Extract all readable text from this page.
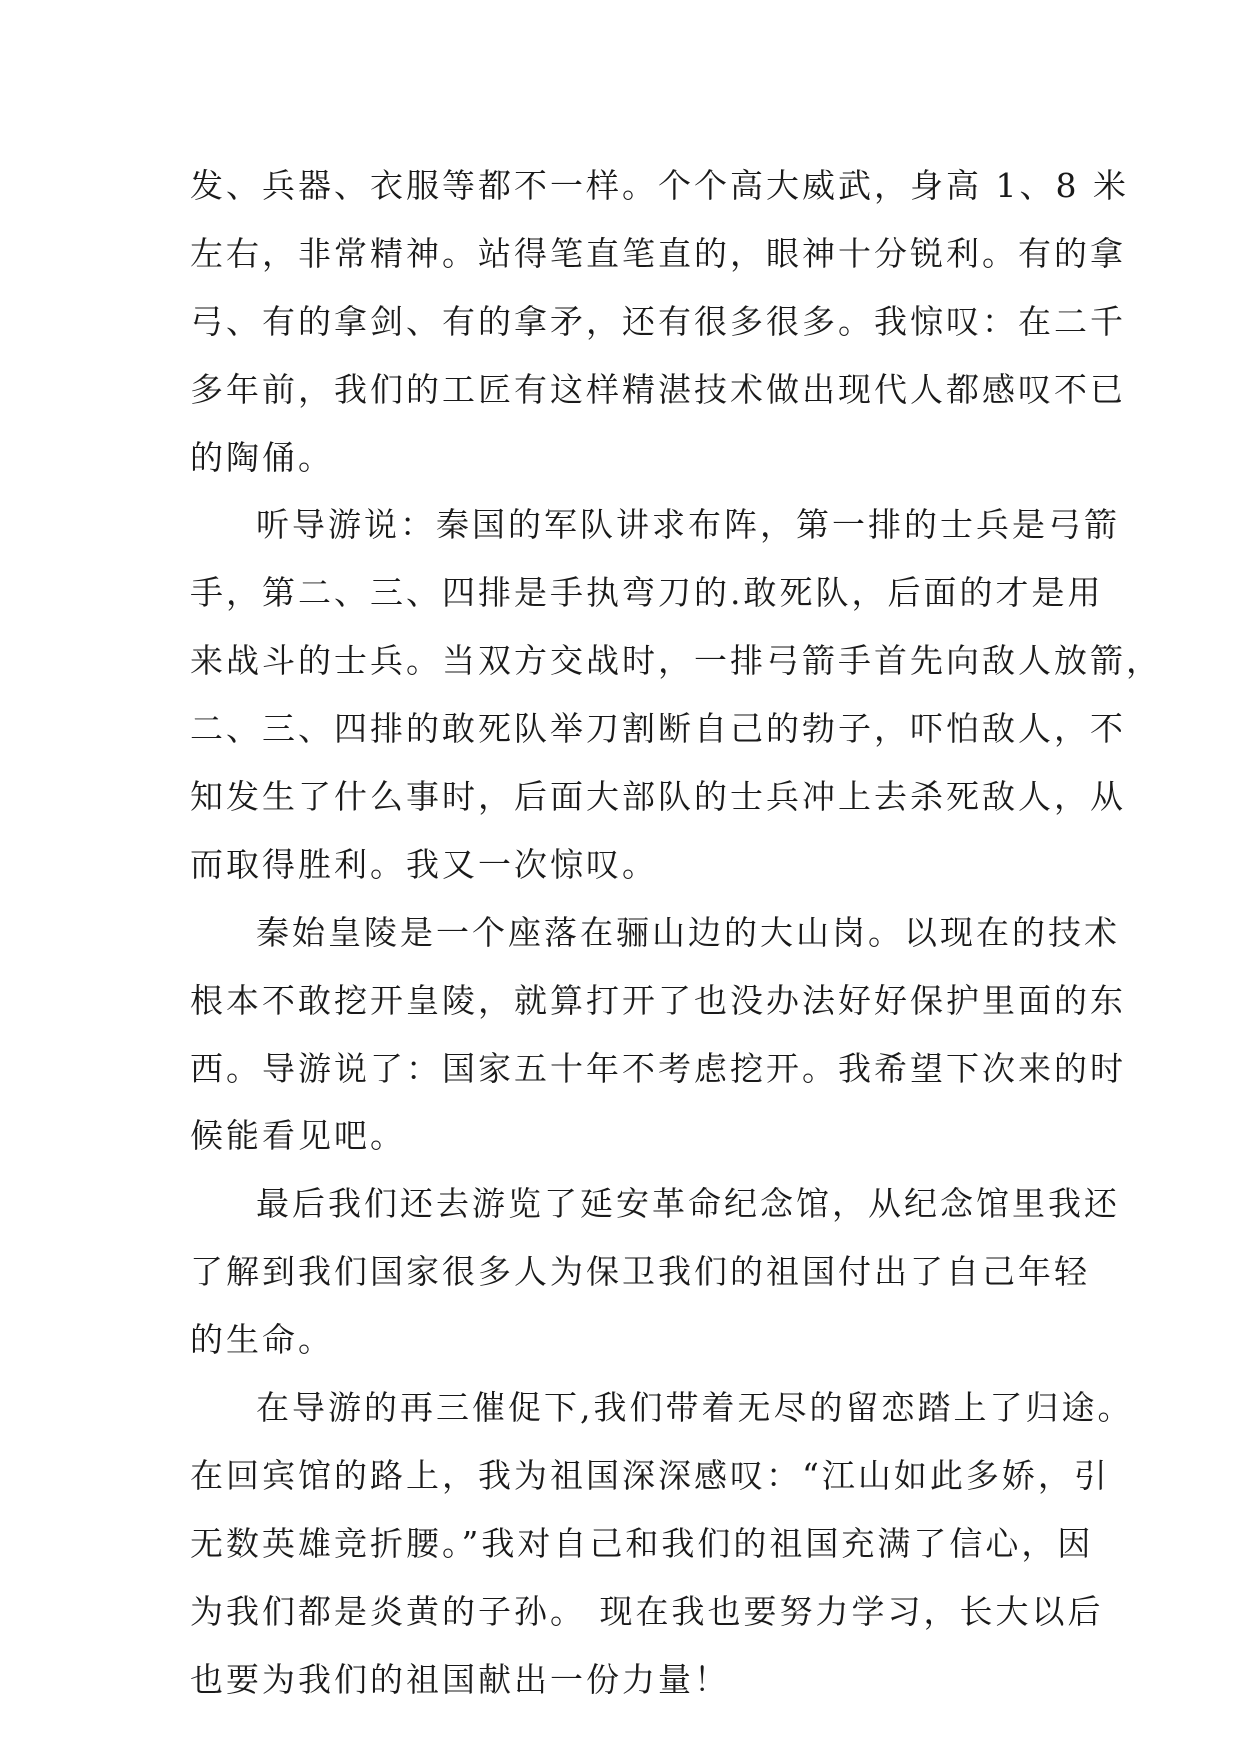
发、兵器、衣服等都不一样。个个高大威武，身高 1、8 米
左右，非常精神。站得笔直笔直的，眼神十分锐利。有的拿
弓、有的拿剑、有的拿矛，还有很多很多。我惊叹：在二千
多年前，我们的工匠有这样精湛技术做出现代人都感叹不已
的陶俑。
听导游说：秦国的军队讲求布阵，第一排的士兵是弓箭
手，第二、三、四排是手执弯刀的.敢死队，后面的才是用
来战斗的士兵。当双方交战时，一排弓箭手首先向敌人放箭，
二、三、四排的敢死队举刀割断自己的勃子，吓怕敌人，不
知发生了什么事时，后面大部队的士兵冲上去杀死敌人，从
而取得胜利。我又一次惊叹。
秦始皇陵是一个座落在骊山边的大山岗。以现在的技术
根本不敢挖开皇陵，就算打开了也没办法好好保护里面的东
西。导游说了：国家五十年不考虑挖开。我希望下次来的时
候能看见吧。
最后我们还去游览了延安革命纪念馆，从纪念馆里我还
了解到我们国家很多人为保卫我们的祖国付出了自己年轻
的生命。
在导游的再三催促下,我们带着无尽的留恋踏上了归途。
在回宾馆的路上，我为祖国深深感叹：“江山如此多娇，引
无数英雄竞折腰。”我对自己和我们的祖国充满了信心，因
为我们都是炎黄的子孙。 现在我也要努力学习，长大以后
也要为我们的祖国献出一份力量！
